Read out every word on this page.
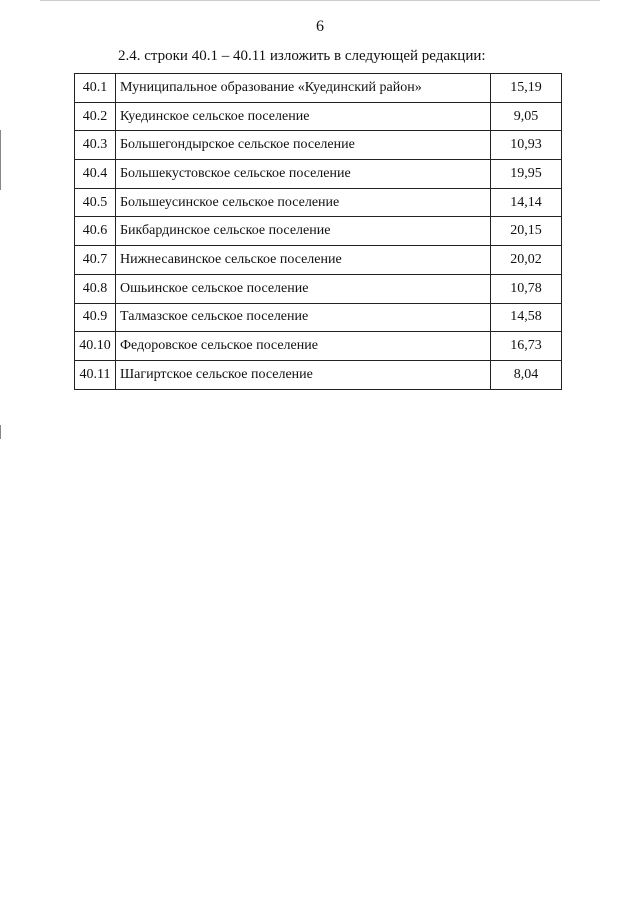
6
2.4. строки 40.1 – 40.11 изложить в следующей редакции:
40.1	Муниципальное образование «Куединский район»	15,19
40.2	Куединское сельское поселение	9,05
40.3	Большегондырское сельское поселение	10,93
40.4	Большекустовское сельское поселение	19,95
40.5	Большеусинское сельское поселение	14,14
40.6	Бикбардинское сельское поселение	20,15
40.7	Нижнесавинское сельское поселение	20,02
40.8	Ошьинское сельское поселение	10,78
40.9	Талмазское сельское поселение	14,58
40.10	Федоровское сельское поселение	16,73
40.11	Шагиртское сельское поселение	8,04
